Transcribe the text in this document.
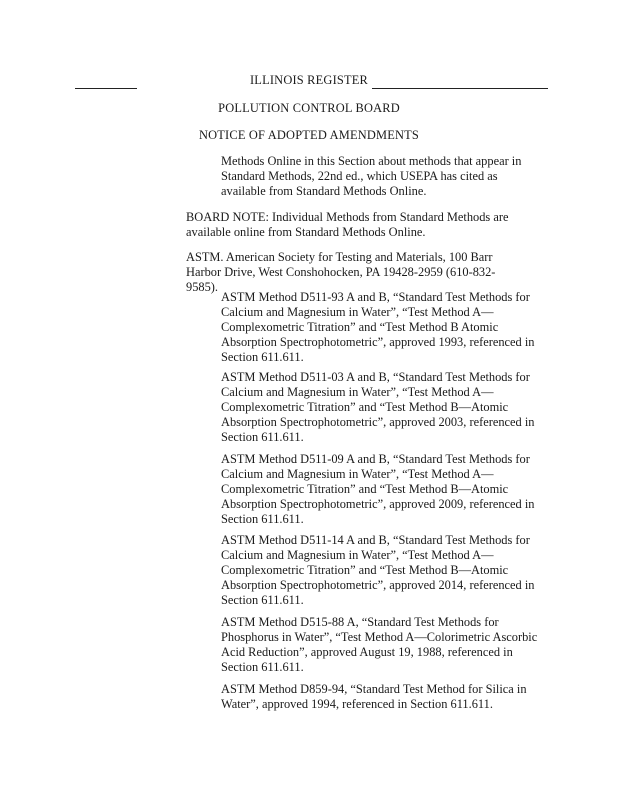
ILLINOIS REGISTER
POLLUTION CONTROL BOARD
NOTICE OF ADOPTED AMENDMENTS

Methods Online in this Section about methods that appear in Standard Methods, 22nd ed., which USEPA has cited as available from Standard Methods Online.

BOARD NOTE: Individual Methods from Standard Methods are available online from Standard Methods Online.

ASTM. American Society for Testing and Materials, 100 Barr Harbor Drive, West Conshohocken, PA 19428-2959 (610-832-9585).

ASTM Method D511-93 A and B, “Standard Test Methods for Calcium and Magnesium in Water”, “Test Method A—Complexometric Titration” and “Test Method B Atomic Absorption Spectrophotometric”, approved 1993, referenced in Section 611.611.

ASTM Method D511-03 A and B, “Standard Test Methods for Calcium and Magnesium in Water”, “Test Method A—Complexometric Titration” and “Test Method B—Atomic Absorption Spectrophotometric”, approved 2003, referenced in Section 611.611.

ASTM Method D511-09 A and B, “Standard Test Methods for Calcium and Magnesium in Water”, “Test Method A—Complexometric Titration” and “Test Method B—Atomic Absorption Spectrophotometric”, approved 2009, referenced in Section 611.611.

ASTM Method D511-14 A and B, “Standard Test Methods for Calcium and Magnesium in Water”, “Test Method A—Complexometric Titration” and “Test Method B—Atomic Absorption Spectrophotometric”, approved 2014, referenced in Section 611.611.

ASTM Method D515-88 A, “Standard Test Methods for Phosphorus in Water”, “Test Method A—Colorimetric Ascorbic Acid Reduction”, approved August 19, 1988, referenced in Section 611.611.

ASTM Method D859-94, “Standard Test Method for Silica in Water”, approved 1994, referenced in Section 611.611.
